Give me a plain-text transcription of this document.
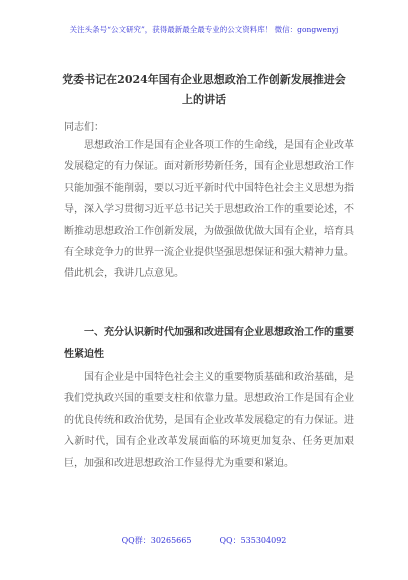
关注头条号“公文研究”，获得最新最全最专业的公文资料库！ 微信：gongwenyj
党委书记在2024年国有企业思想政治工作创新发展推进会上的讲话
同志们：

思想政治工作是国有企业各项工作的生命线，是国有企业改革发展稳定的有力保证。面对新形势新任务，国有企业思想政治工作只能加强不能削弱，要以习近平新时代中国特色社会主义思想为指导，深入学习贯彻习近平总书记关于思想政治工作的重要论述，不断推动思想政治工作创新发展，为做强做优做大国有企业，培育具有全球竞争力的世界一流企业提供坚强思想保证和强大精神力量。借此机会，我讲几点意见。

一、充分认识新时代加强和改进国有企业思想政治工作的重要性紧迫性

国有企业是中国特色社会主义的重要物质基础和政治基础，是我们党执政兴国的重要支柱和依靠力量。思想政治工作是国有企业的优良传统和政治优势，是国有企业改革发展稳定的有力保证。进入新时代，国有企业改革发展面临的环境更加复杂、任务更加艰巨，加强和改进思想政治工作显得尤为重要和紧迫。

QQ群：30265665	QQ：535304092
